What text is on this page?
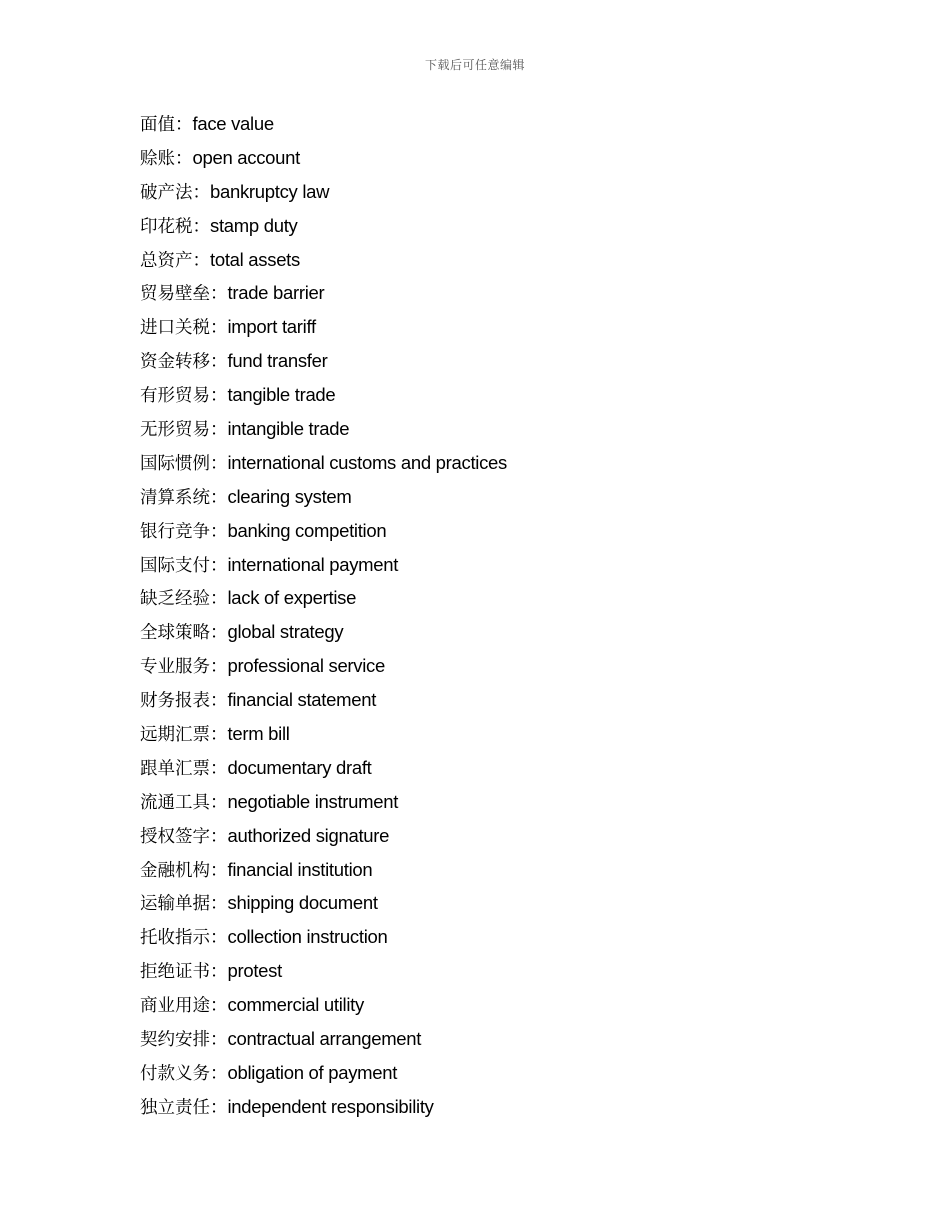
下载后可任意编辑
面值：face value
赊账：open account
破产法：bankruptcy law
印花税：stamp duty
总资产：total assets
贸易壁垒：trade barrier
进口关税：import tariff
资金转移：fund transfer
有形贸易：tangible trade
无形贸易：intangible trade
国际惯例：international customs and practices
清算系统：clearing system
银行竞争：banking competition
国际支付：international payment
缺乏经验：lack of expertise
全球策略：global strategy
专业服务：professional service
财务报表：financial statement
远期汇票：term bill
跟单汇票：documentary draft
流通工具：negotiable instrument
授权签字：authorized signature
金融机构：financial institution
运输单据：shipping document
托收指示：collection instruction
拒绝证书：protest
商业用途：commercial utility
契约安排：contractual arrangement
付款义务：obligation of payment
独立责任：independent responsibility
